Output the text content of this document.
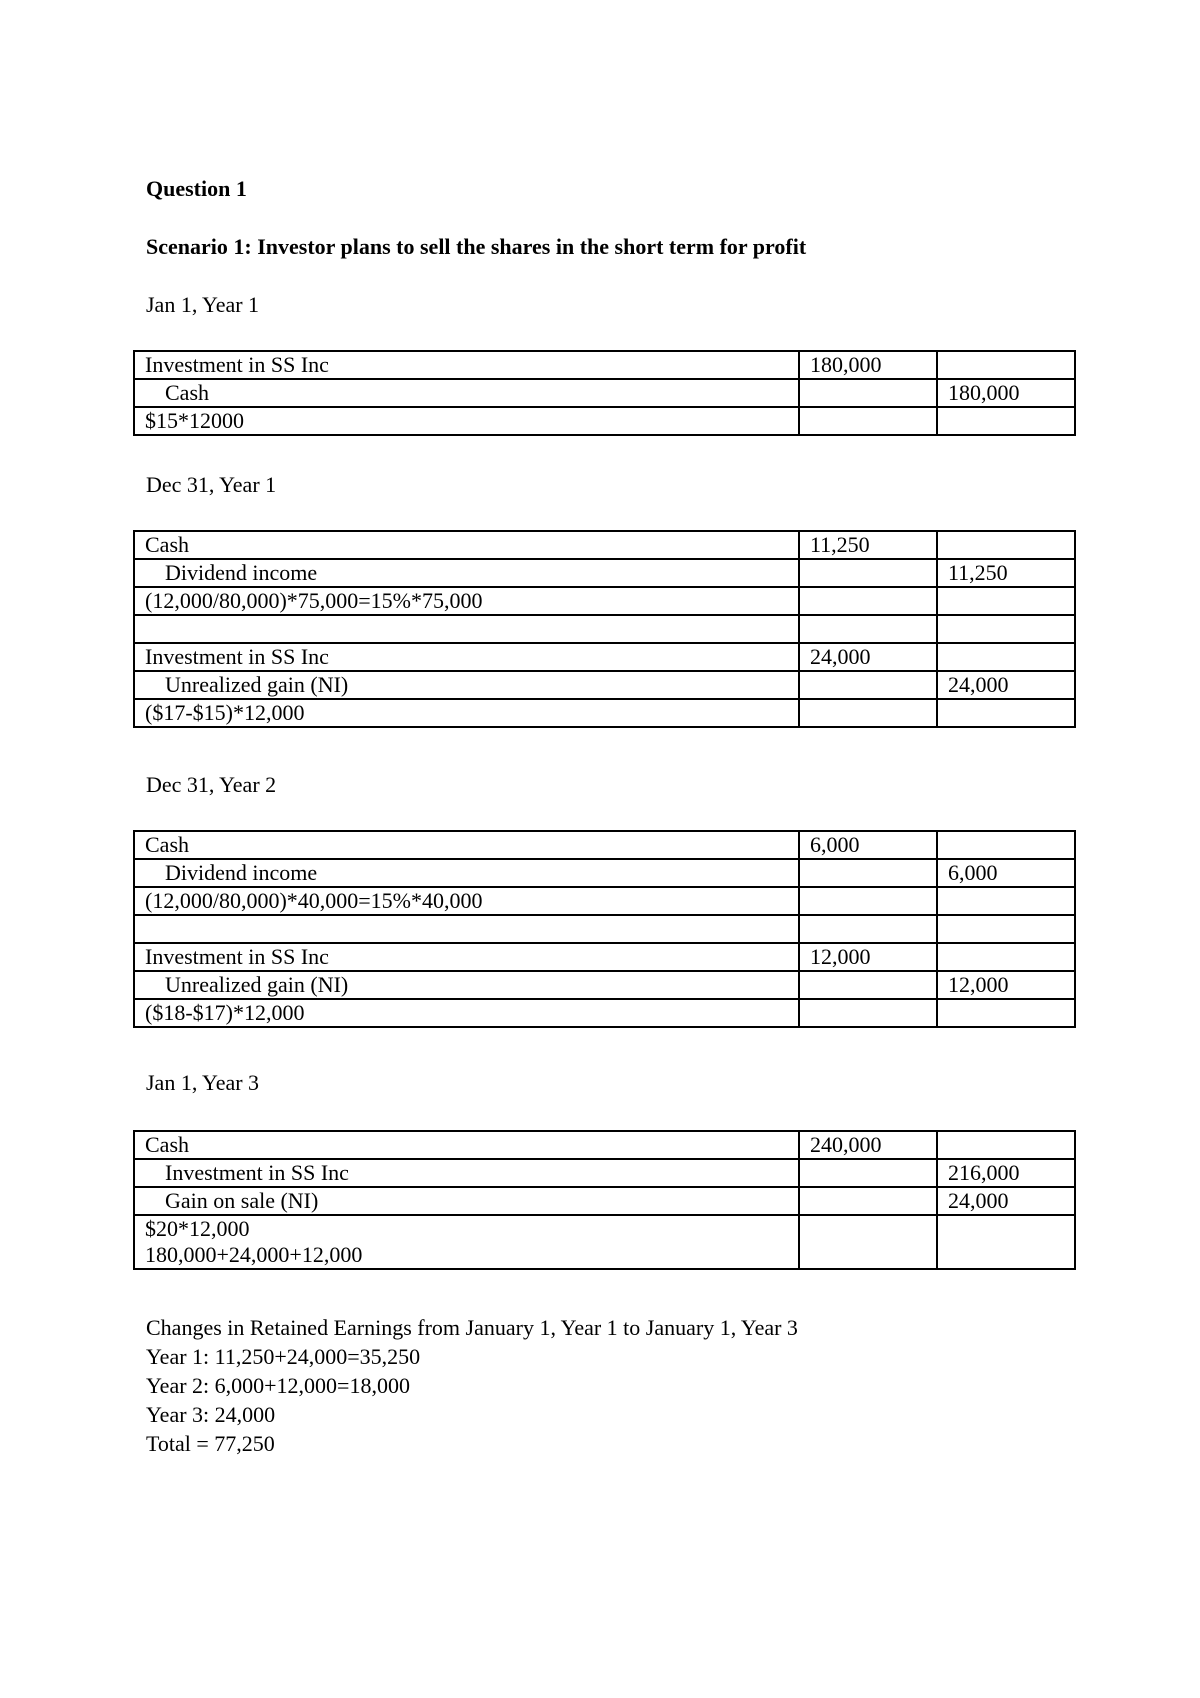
Question 1
Scenario 1: Investor plans to sell the shares in the short term for profit
Jan 1, Year 1
Investment in SS Inc	180,000	
Cash		180,000
$15*12000		
Dec 31, Year 1
Cash	11,250	
Dividend income		11,250
(12,000/80,000)*75,000=15%*75,000		

Investment in SS Inc	24,000	
Unrealized gain (NI)		24,000
($17-$15)*12,000		
Dec 31, Year 2
Cash	6,000	
Dividend income		6,000
(12,000/80,000)*40,000=15%*40,000		

Investment in SS Inc	12,000	
Unrealized gain (NI)		12,000
($18-$17)*12,000		
Jan 1, Year 3
Cash	240,000	
Investment in SS Inc		216,000
Gain on sale (NI)		24,000

$20*12,000
180,000+24,000+12,000		

Changes in Retained Earnings from January 1, Year 1 to January 1, Year 3
Year 1: 11,250+24,000=35,250
Year 2: 6,000+12,000=18,000
Year 3: 24,000
Total = 77,250
